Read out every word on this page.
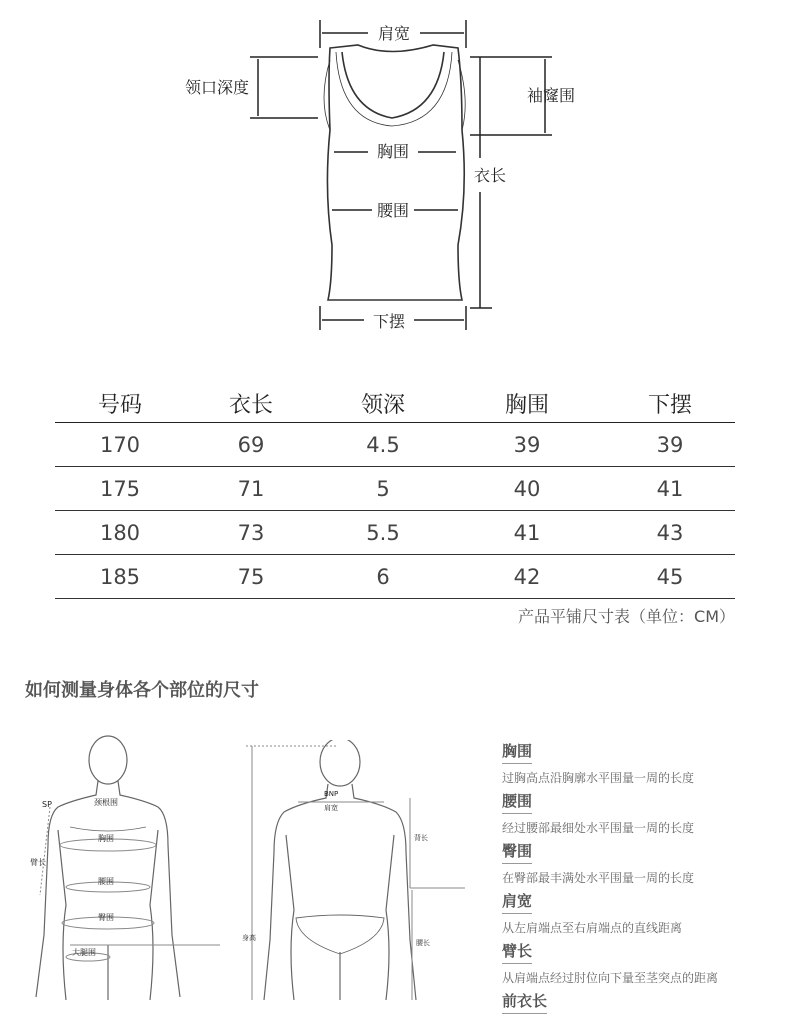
肩宽
领口深度	袖窿围
胸围
衣长
腰围
下摆
号码	衣长	领深	胸围	下摆
170	69	4.5	39	39
175	71	5	40	41
180	73	5.5	41	43
185	75	6	42	45
产品平铺尺寸表（单位：CM）
如何测量身体各个部位的尺寸
SP	颈根围
胸围
臂长
腰围
臀围
大腿围
BNP
肩宽
背长
身高
腰长
胸围
过胸高点沿胸廓水平围量一周的长度
腰围
经过腰部最细处水平围量一周的长度
臀围
在臀部最丰满处水平围量一周的长度
肩宽
从左肩端点至右肩端点的直线距离
臂长
从肩端点经过肘位向下量至茎突点的距离
前衣长
